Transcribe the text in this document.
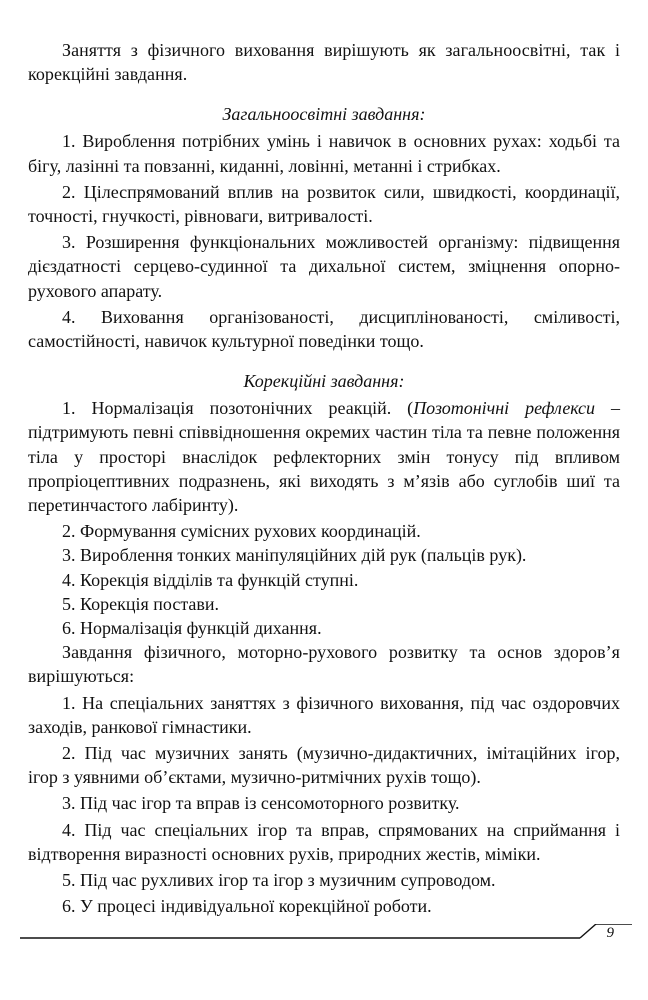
Заняття з фізичного виховання вирішують як загальноосвітні, так і корекційні завдання.

Загальноосвітні завдання:

1. Вироблення потрібних умінь і навичок в основних рухах: ходьбі та бігу, лазінні та повзанні, киданні, ловінні, метанні і стрибках.

2. Цілеспрямований вплив на розвиток сили, швидкості, координації, точності, гнучкості, рівноваги, витривалості.

3. Розширення функціональних можливостей організму: підвищення дієздатності серцево-судинної та дихальної систем, зміцнення опорно-рухового апарату.

4. Виховання організованості, дисциплінованості, сміливості, самостійності, навичок культурної поведінки тощо.

Корекційні завдання:

1. Нормалізація позотонічних реакцій. (Позотонічні рефлекси – підтримують певні співвідношення окремих частин тіла та певне положення тіла у просторі внаслідок рефлекторних змін тонусу під впливом пропріоцептивних подразнень, які виходять з м’язів або суглобів шиї та перетинчастого лабіринту).

2. Формування сумісних рухових координацій.

3. Вироблення тонких маніпуляційних дій рук (пальців рук).

4. Корекція відділів та функцій ступні.

5. Корекція постави.

6. Нормалізація функцій дихання.

Завдання фізичного, моторно-рухового розвитку та основ здоров’я вирішуються:

1. На спеціальних заняттях з фізичного виховання, під час оздоровчих заходів, ранкової гімнастики.

2. Під час музичних занять (музично-дидактичних, імітаційних ігор, ігор з уявними об’єктами, музично-ритмічних рухів тощо).

3. Під час ігор та вправ із сенсомоторного розвитку.

4. Під час спеціальних ігор та вправ, спрямованих на сприймання і відтворення виразності основних рухів, природних жестів, міміки.

5. Під час рухливих ігор та ігор з музичним супроводом.

6. У процесі індивідуальної корекційної роботи.

9
